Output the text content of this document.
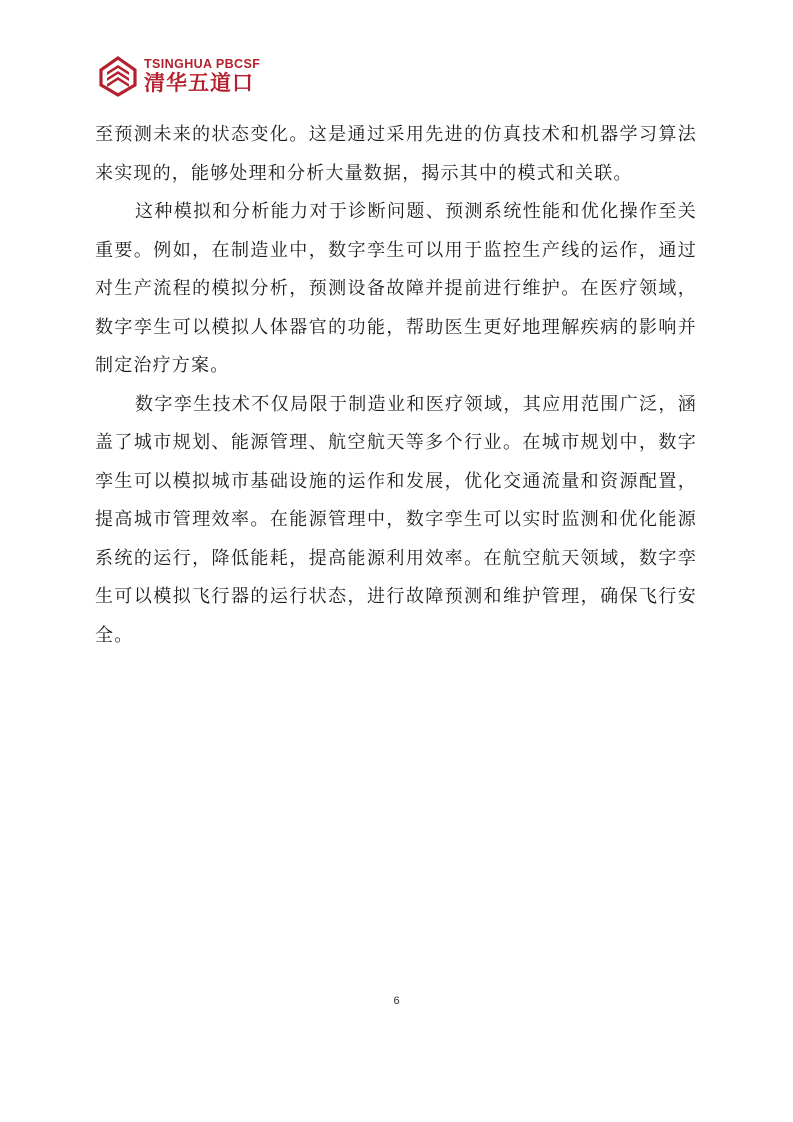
TSINGHUA PBCSF
清华五道口

至预测未来的状态变化。这是通过采用先进的仿真技术和机器学习算法来实现的，能够处理和分析大量数据，揭示其中的模式和关联。

这种模拟和分析能力对于诊断问题、预测系统性能和优化操作至关重要。例如，在制造业中，数字孪生可以用于监控生产线的运作，通过对生产流程的模拟分析，预测设备故障并提前进行维护。在医疗领域，数字孪生可以模拟人体器官的功能，帮助医生更好地理解疾病的影响并制定治疗方案。

数字孪生技术不仅局限于制造业和医疗领域，其应用范围广泛，涵盖了城市规划、能源管理、航空航天等多个行业。在城市规划中，数字孪生可以模拟城市基础设施的运作和发展，优化交通流量和资源配置，提高城市管理效率。在能源管理中，数字孪生可以实时监测和优化能源系统的运行，降低能耗，提高能源利用效率。在航空航天领域，数字孪生可以模拟飞行器的运行状态，进行故障预测和维护管理，确保飞行安全。

6
